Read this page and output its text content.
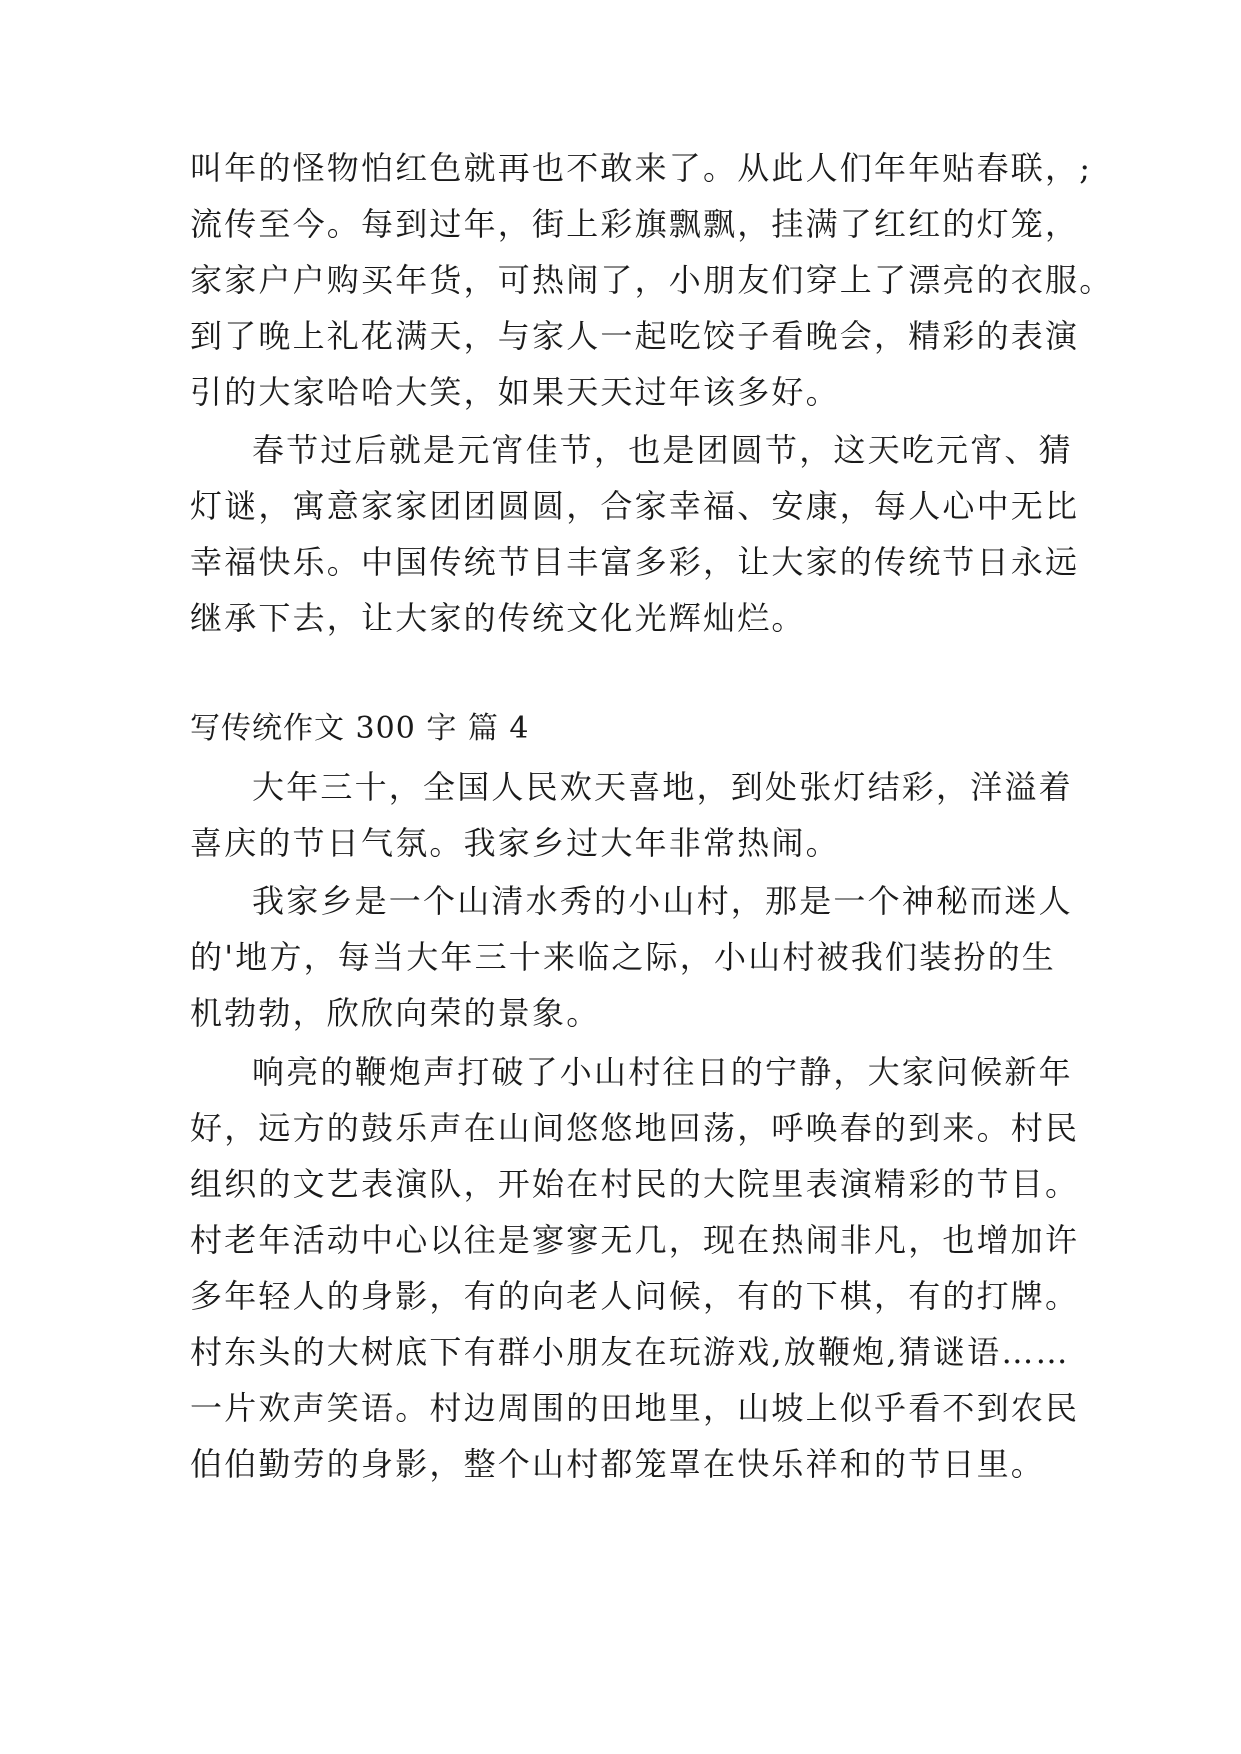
叫年的怪物怕红色就再也不敢来了。从此人们年年贴春联，;
流传至今。每到过年，街上彩旗飘飘，挂满了红红的灯笼，
家家户户购买年货，可热闹了，小朋友们穿上了漂亮的衣服。
到了晚上礼花满天，与家人一起吃饺子看晚会，精彩的表演
引的大家哈哈大笑，如果天天过年该多好。
春节过后就是元宵佳节，也是团圆节，这天吃元宵、猜
灯谜，寓意家家团团圆圆，合家幸福、安康，每人心中无比
幸福快乐。中国传统节目丰富多彩，让大家的传统节日永远
继承下去，让大家的传统文化光辉灿烂。
写传统作文 300 字 篇 4
大年三十，全国人民欢天喜地，到处张灯结彩，洋溢着
喜庆的节日气氛。我家乡过大年非常热闹。
我家乡是一个山清水秀的小山村，那是一个神秘而迷人
的'地方，每当大年三十来临之际，小山村被我们装扮的生
机勃勃，欣欣向荣的景象。
响亮的鞭炮声打破了小山村往日的宁静，大家问候新年
好，远方的鼓乐声在山间悠悠地回荡，呼唤春的到来。村民
组织的文艺表演队，开始在村民的大院里表演精彩的节目。
村老年活动中心以往是寥寥无几，现在热闹非凡，也增加许
多年轻人的身影，有的向老人问候，有的下棋，有的打牌。
村东头的大树底下有群小朋友在玩游戏,放鞭炮,猜谜语……
一片欢声笑语。村边周围的田地里，山坡上似乎看不到农民
伯伯勤劳的身影，整个山村都笼罩在快乐祥和的节日里。
